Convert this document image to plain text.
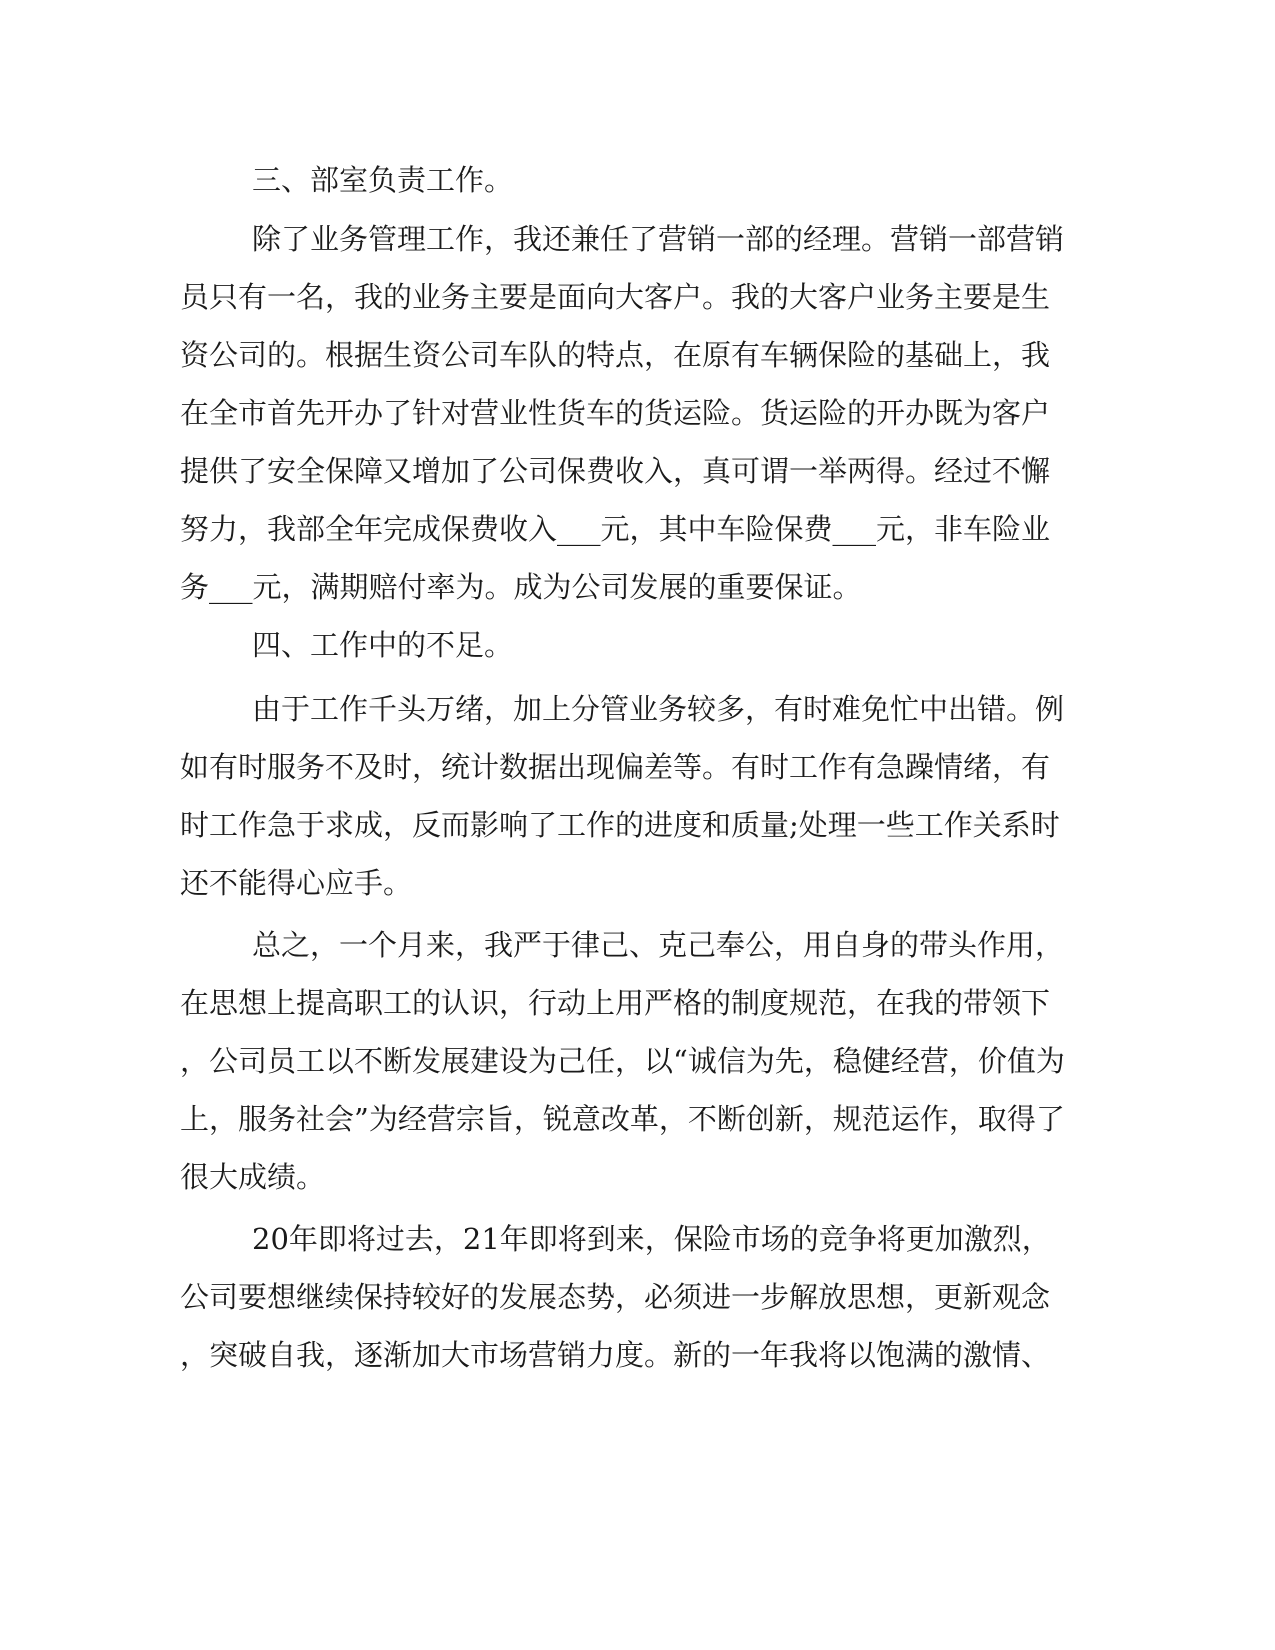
三、部室负责工作。
除了业务管理工作，我还兼任了营销一部的经理。营销一部营销
员只有一名，我的业务主要是面向大客户。我的大客户业务主要是生
资公司的。根据生资公司车队的特点，在原有车辆保险的基础上，我
在全市首先开办了针对营业性货车的货运险。货运险的开办既为客户
提供了安全保障又增加了公司保费收入，真可谓一举两得。经过不懈
努力，我部全年完成保费收入___元，其中车险保费___元，非车险业
务___元，满期赔付率为。成为公司发展的重要保证。
四、工作中的不足。
由于工作千头万绪，加上分管业务较多，有时难免忙中出错。例
如有时服务不及时，统计数据出现偏差等。有时工作有急躁情绪，有
时工作急于求成，反而影响了工作的进度和质量;处理一些工作关系时
还不能得心应手。
总之，一个月来，我严于律己、克己奉公，用自身的带头作用，
在思想上提高职工的认识，行动上用严格的制度规范，在我的带领下
，公司员工以不断发展建设为己任，以“诚信为先，稳健经营，价值为
上，服务社会”为经营宗旨，锐意改革，不断创新，规范运作，取得了
很大成绩。
20年即将过去，21年即将到来，保险市场的竞争将更加激烈，
公司要想继续保持较好的发展态势，必须进一步解放思想，更新观念
，突破自我，逐渐加大市场营销力度。新的一年我将以饱满的激情、
